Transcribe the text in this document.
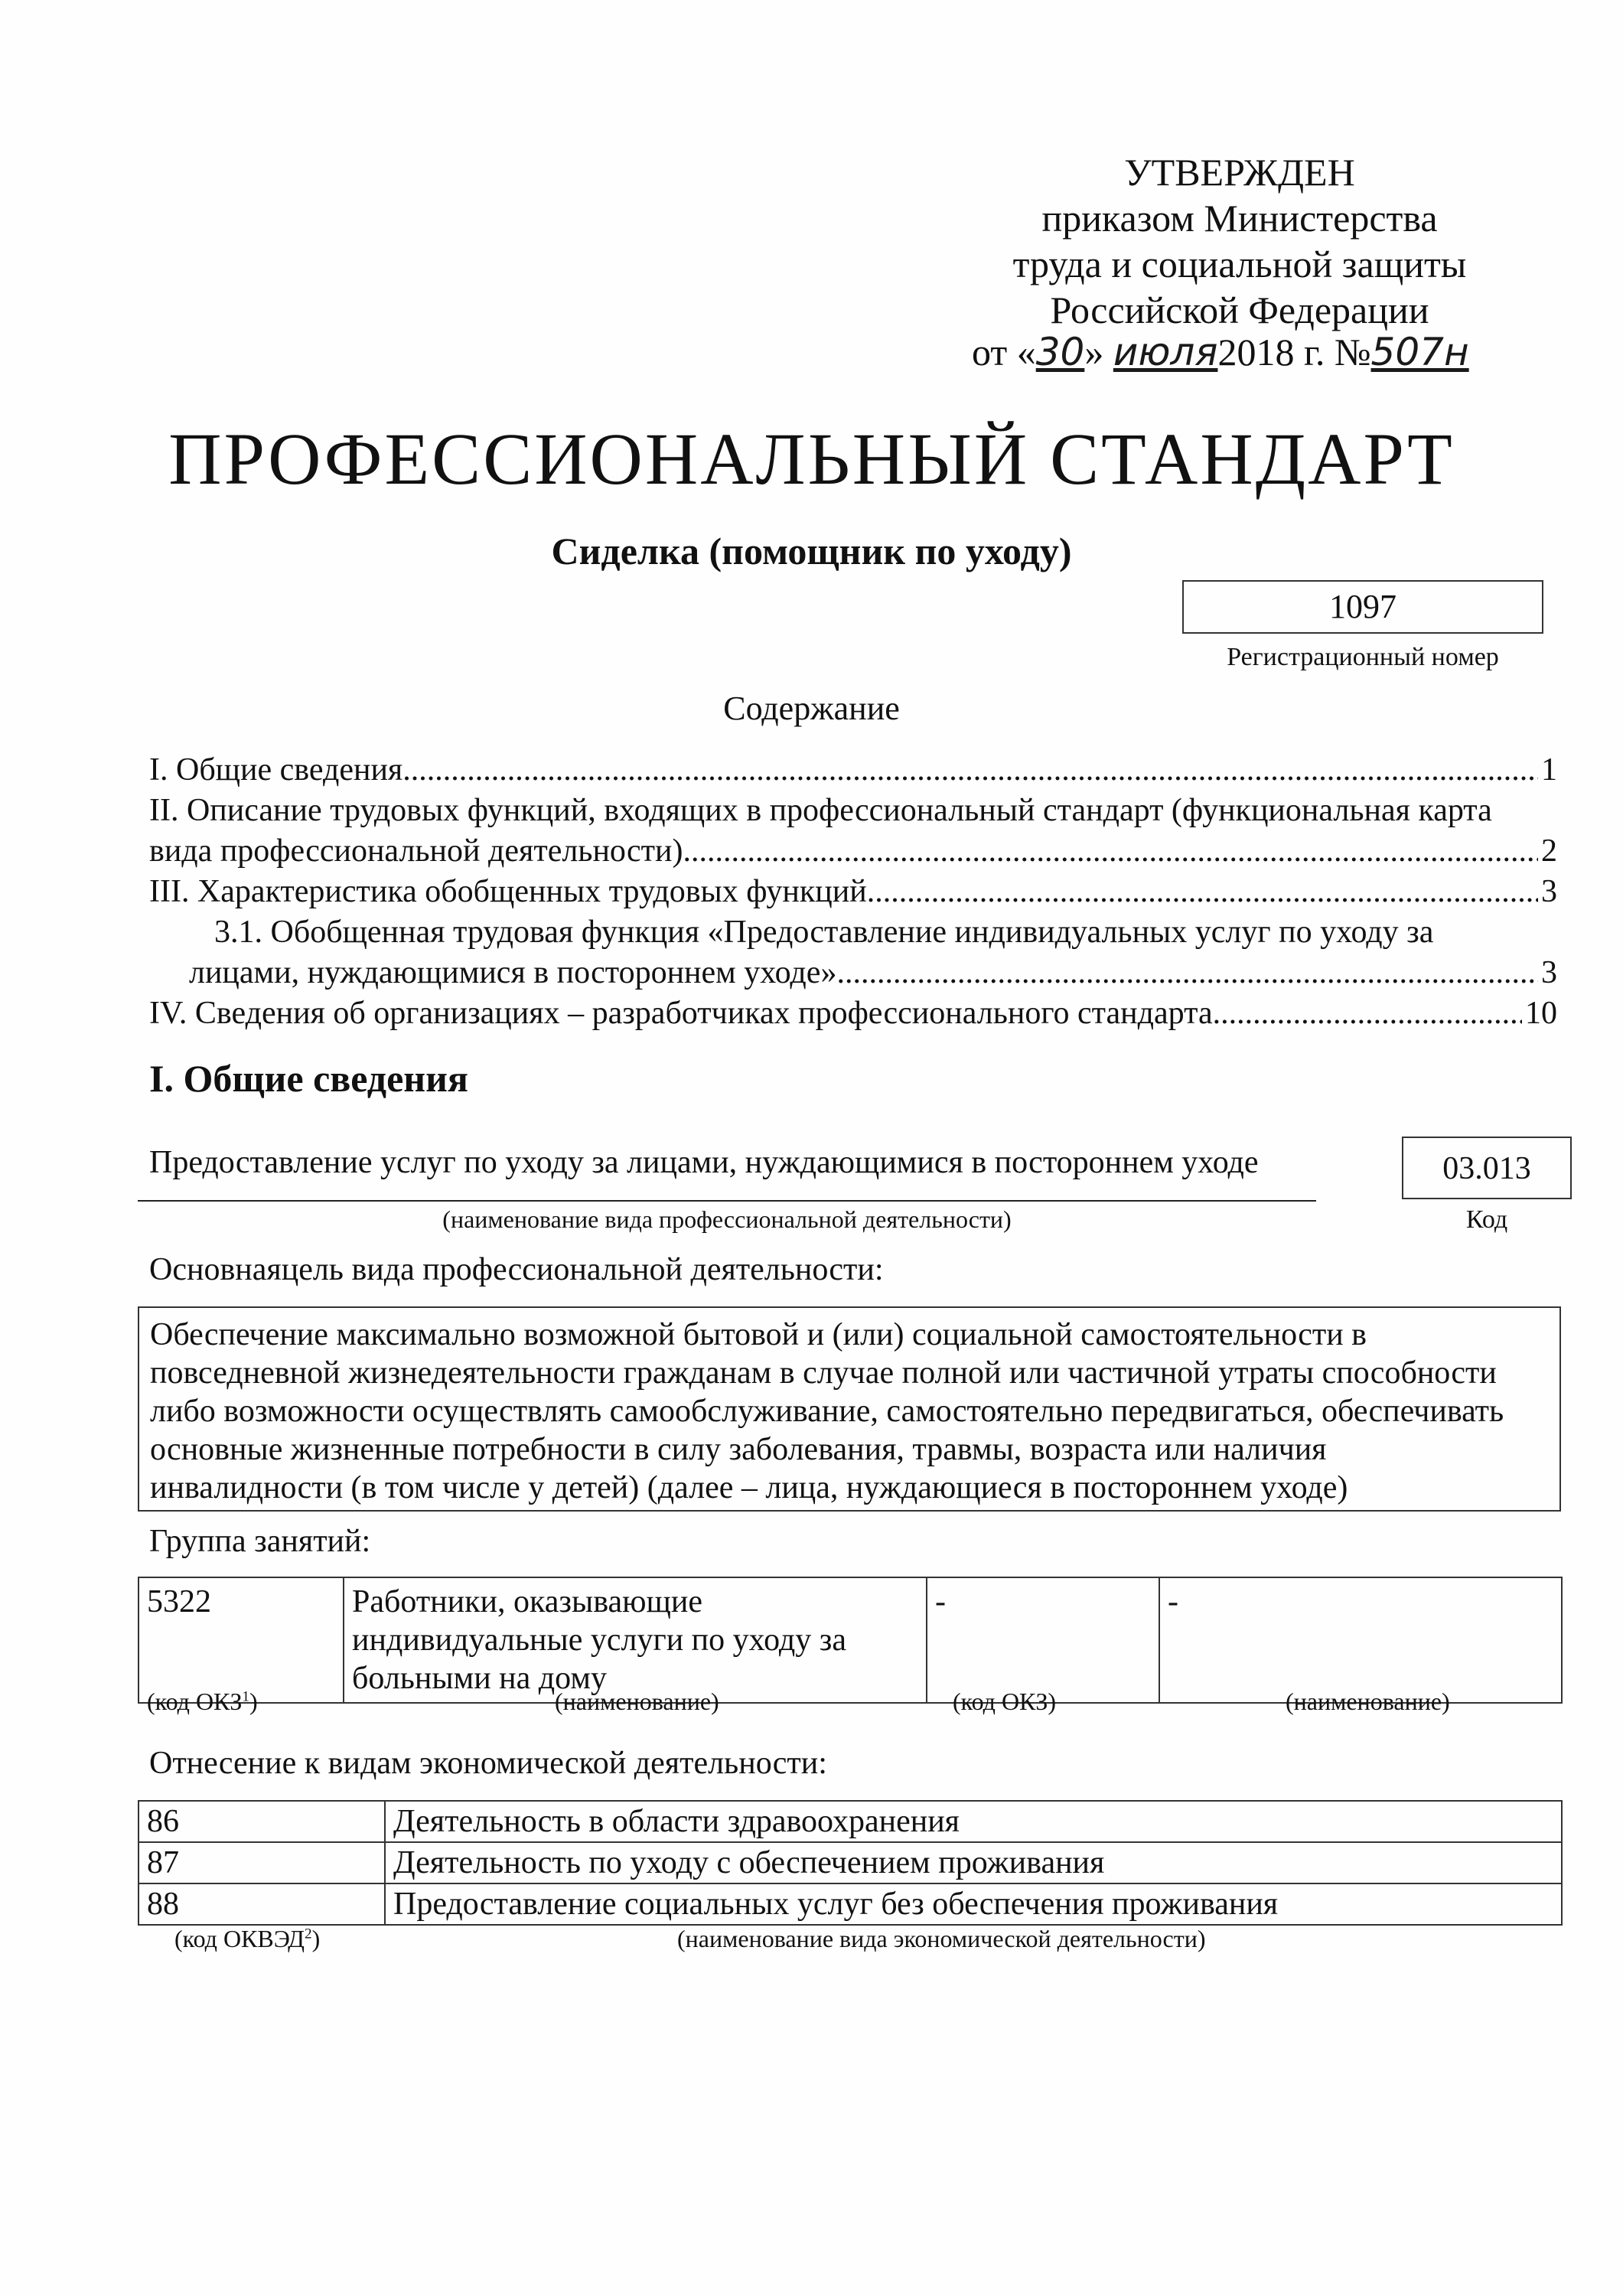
УТВЕРЖДЕН
приказом Министерства
труда и социальной защиты
Российской Федерации
от «30» июля2018 г. №507н
ПРОФЕССИОНАЛЬНЫЙ СТАНДАРТ
Сиделка (помощник по уходу)
1097
Регистрационный номер
Содержание
I. Общие сведения .....	1
II. Описание трудовых функций, входящих в профессиональный стандарт (функциональная карта
вида профессиональной деятельности) .....	2
III. Характеристика обобщенных трудовых функций .....	3
3.1. Обобщенная трудовая функция «Предоставление индивидуальных услуг по уходу за
лицами, нуждающимися в постороннем уходе» .....	3
IV. Сведения об организациях – разработчиках профессионального стандарта .....	10
I. Общие сведения
Предоставление услуг по уходу за лицами, нуждающимися в постороннем уходе
(наименование вида профессиональной деятельности)
03.013
Код
Основнаяцель вида профессиональной деятельности:
Обеспечение максимально возможной бытовой и (или) социальной самостоятельности в
повседневной жизнедеятельности гражданам в случае полной или частичной утраты способности
либо возможности осуществлять самообслуживание, самостоятельно передвигаться, обеспечивать
основные жизненные потребности в силу заболевания, травмы, возраста или наличия
инвалидности (в том числе у детей) (далее – лица, нуждающиеся в постороннем уходе)
Группа занятий:
5322	Работники, оказывающие индивидуальные услуги по уходу за больными на дому	-	-
(код ОКЗ$^1$)	(наименование)	(код ОКЗ)	(наименование)
Отнесение к видам экономической деятельности:
86	Деятельность в области здравоохранения
87	Деятельность по уходу с обеспечением проживания
88	Предоставление социальных услуг без обеспечения проживания
(код ОКВЭД$^2$)	(наименование вида экономической деятельности)
